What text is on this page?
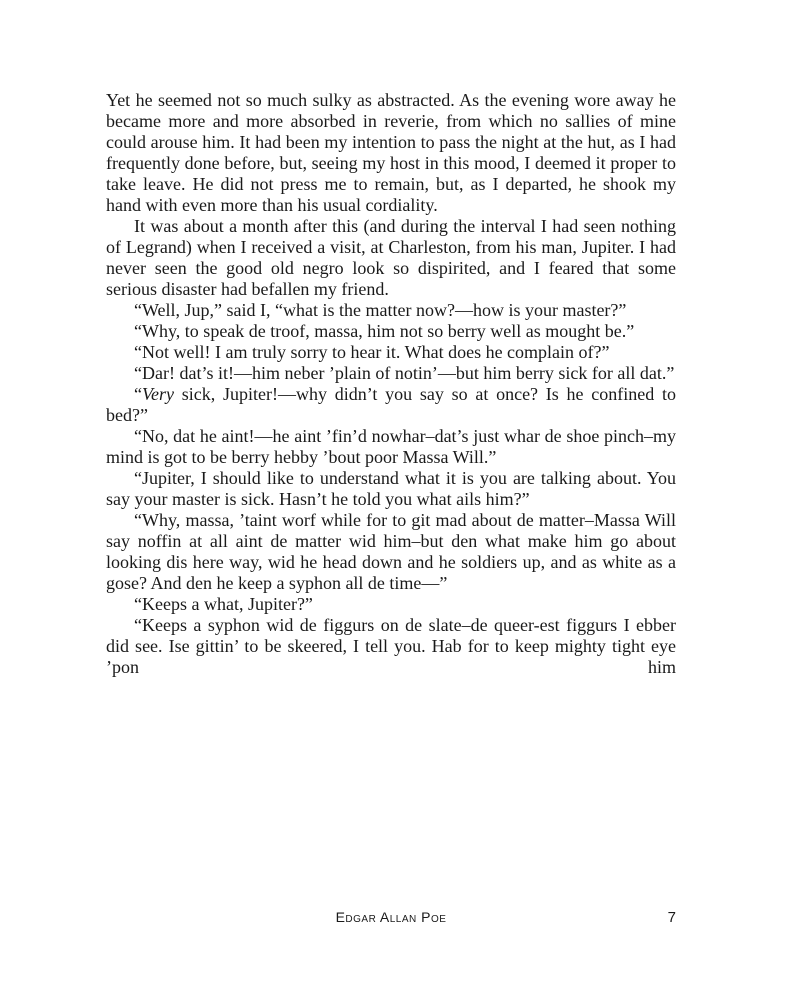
Yet he seemed not so much sulky as abstracted. As the evening wore away he became more and more absorbed in reverie, from which no sallies of mine could arouse him. It had been my intention to pass the night at the hut, as I had frequently done before, but, seeing my host in this mood, I deemed it proper to take leave. He did not press me to remain, but, as I departed, he shook my hand with even more than his usual cordiality.

It was about a month after this (and during the interval I had seen nothing of Legrand) when I received a visit, at Charleston, from his man, Jupiter. I had never seen the good old negro look so dispirited, and I feared that some serious disaster had befallen my friend.

“Well, Jup,” said I, “what is the matter now?—how is your master?”

“Why, to speak de troof, massa, him not so berry well as mought be.”

“Not well! I am truly sorry to hear it. What does he complain of?”

“Dar! dat’s it!—him neber ’plain of notin’—but him berry sick for all dat.”

“Very sick, Jupiter!—why didn’t you say so at once? Is he confined to bed?”

“No, dat he aint!—he aint ’fin’d nowhar–dat’s just whar de shoe pinch–my mind is got to be berry hebby ’bout poor Massa Will.”

“Jupiter, I should like to understand what it is you are talking about. You say your master is sick. Hasn’t he told you what ails him?”

“Why, massa, ’taint worf while for to git mad about de matter–Massa Will say noffin at all aint de matter wid him–but den what make him go about looking dis here way, wid he head down and he soldiers up, and as white as a gose? And den he keep a syphon all de time—”

“Keeps a what, Jupiter?”

“Keeps a syphon wid de figgurs on de slate–de queer-est figgurs I ebber did see. Ise gittin’ to be skeered, I tell you. Hab for to keep mighty tight eye ’pon him

Edgar Allan Poe	7
